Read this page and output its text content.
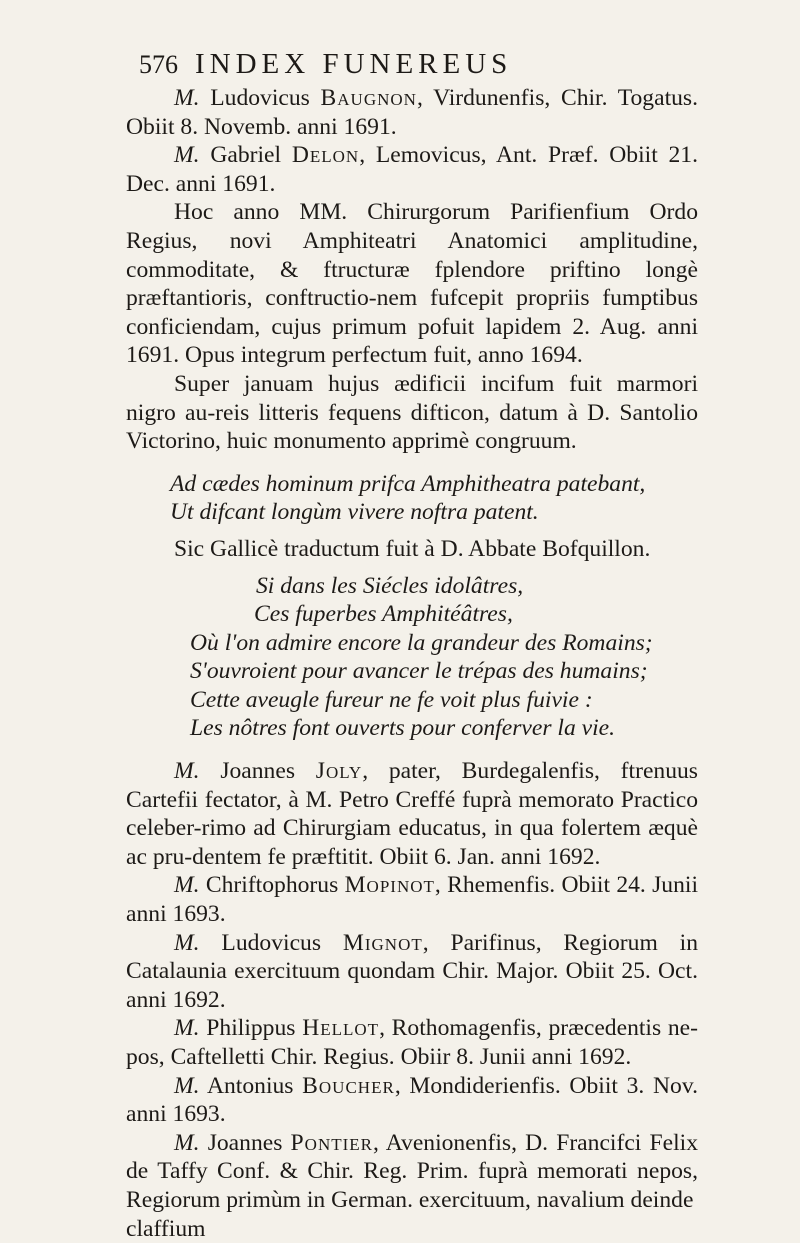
576 INDEX FUNEREUS

M. Ludovicus Baugnon, Virdunenfis, Chir. Togatus. Obiit 8. Novemb. anni 1691.

M. Gabriel Delon, Lemovicus, Ant. Præf. Obiit 21. Dec. anni 1691.

Hoc anno MM. Chirurgorum Parifienfium Ordo Regius, novi Amphiteatri Anatomici amplitudine, commoditate, & ftructuræ fplendore priftino longè præftantioris, conftructio-nem fufcepit propriis fumptibus conficiendam, cujus primum pofuit lapidem 2. Aug. anni 1691. Opus integrum perfectum fuit, anno 1694.

Super januam hujus ædificii incifum fuit marmori nigro au-reis litteris fequens difticon, datum à D. Santolio Victorino, huic monumento apprimè congruum.

Ad cædes hominum prifca Amphitheatra patebant,

Ut difcant longùm vivere noftra patent.

Sic Gallicè traductum fuit à D. Abbate Bofquillon.

Si dans les Siécles idolâtres,

Ces fuperbes Amphitéâtres,

Où l'on admire encore la grandeur des Romains;

S'ouvroient pour avancer le trépas des humains;

Cette aveugle fureur ne fe voit plus fuivie :

Les nôtres font ouverts pour conferver la vie.

M. Joannes Joly, pater, Burdegalenfis, ftrenuus Cartefii fectator, à M. Petro Creffé fuprà memorato Practico celeber-rimo ad Chirurgiam educatus, in qua folertem æquè ac pru-dentem fe præftitit. Obiit 6. Jan. anni 1692.

M. Chriftophorus Mopinot, Rhemenfis. Obiit 24. Junii anni 1693.

M. Ludovicus Mignot, Parifinus, Regiorum in Catalaunia exercituum quondam Chir. Major. Obiit 25. Oct. anni 1692.

M. Philippus Hellot, Rothomagenfis, præcedentis ne-pos, Caftelletti Chir. Regius. Obiir 8. Junii anni 1692.

M. Antonius Boucher, Mondiderienfis. Obiit 3. Nov. anni 1693.

M. Joannes Pontier, Avenionenfis, D. Francifci Felix de Taffy Conf. & Chir. Reg. Prim. fuprà memorati nepos, Regiorum primùm in German. exercituum, navalium deinde

claffium
